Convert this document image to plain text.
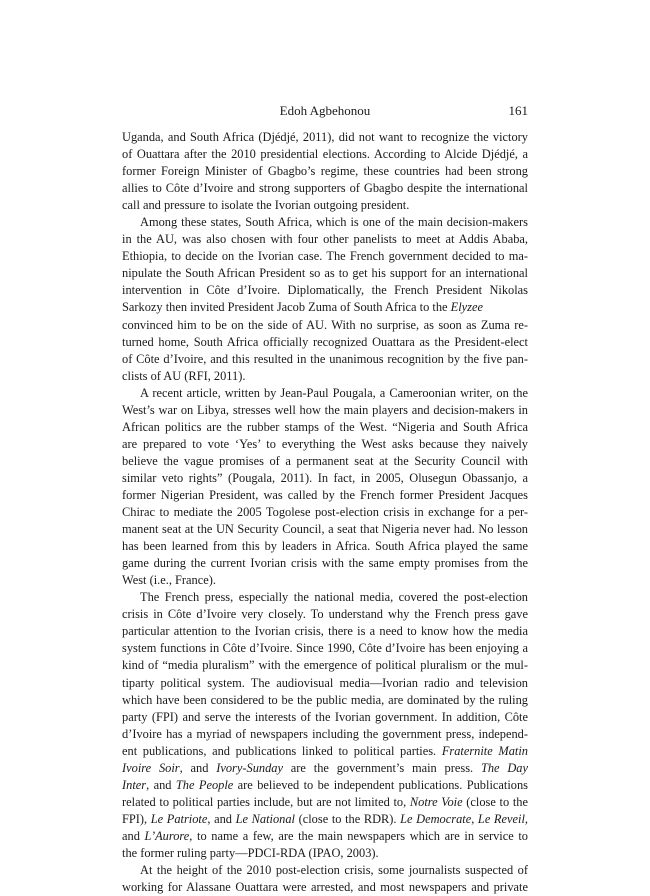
Edoh Agbehonou	161
Uganda, and South Africa (Djédjé, 2011), did not want to recognize the victory
of Ouattara after the 2010 presidential elections. According to Alcide Djédjé, a
former Foreign Minister of Gbagbo’s regime, these countries had been strong
allies to Côte d’Ivoire and strong supporters of Gbagbo despite the international
call and pressure to isolate the Ivorian outgoing president.
Among these states, South Africa, which is one of the main decision-makers
in the AU, was also chosen with four other panelists to meet at Addis Ababa,
Ethiopia, to decide on the Ivorian case. The French government decided to ma-
nipulate the South African President so as to get his support for an international
intervention in Côte d’Ivoire. Diplomatically, the French President Nikolas
Sarkozy then invited President Jacob Zuma of South Africa to the Elyzee
convinced him to be on the side of AU. With no surprise, as soon as Zuma re-
turned home, South Africa officially recognized Ouattara as the President-elect
of Côte d’Ivoire, and this resulted in the unanimous recognition by the five pan-
clists of AU (RFI, 2011).
A recent article, written by Jean-Paul Pougala, a Cameroonian writer, on the
West’s war on Libya, stresses well how the main players and decision-makers in
African politics are the rubber stamps of the West. “Nigeria and South Africa
are prepared to vote ‘Yes’ to everything the West asks because they naively
believe the vague promises of a permanent seat at the Security Council with
similar veto rights” (Pougala, 2011). In fact, in 2005, Olusegun Obassanjo, a
former Nigerian President, was called by the French former President Jacques
Chirac to mediate the 2005 Togolese post-election crisis in exchange for a per-
manent seat at the UN Security Council, a seat that Nigeria never had. No lesson
has been learned from this by leaders in Africa. South Africa played the same
game during the current Ivorian crisis with the same empty promises from the
West (i.e., France).
The French press, especially the national media, covered the post-election
crisis in Côte d’Ivoire very closely. To understand why the French press gave
particular attention to the Ivorian crisis, there is a need to know how the media
system functions in Côte d’Ivoire. Since 1990, Côte d’Ivoire has been enjoying a
kind of “media pluralism” with the emergence of political pluralism or the mul-
tiparty political system. The audiovisual media—Ivorian radio and television
which have been considered to be the public media, are dominated by the ruling
party (FPI) and serve the interests of the Ivorian government. In addition, Côte
d’Ivoire has a myriad of newspapers including the government press, independ-
ent publications, and publications linked to political parties. Fraternite Matin
Ivoire Soir, and Ivory-Sunday are the government’s main press. The Day
Inter, and The People are believed to be independent publications. Publications
related to political parties include, but are not limited to, Notre Voie (close to the
FPI), Le Patriote, and Le National (close to the RDR). Le Democrate, Le Reveil,
and L’Aurore, to name a few, are the main newspapers which are in service to
the former ruling party—PDCI-RDA (IPAO, 2003).
At the height of the 2010 post-election crisis, some journalists suspected of
working for Alassane Ouattara were arrested, and most newspapers and private
